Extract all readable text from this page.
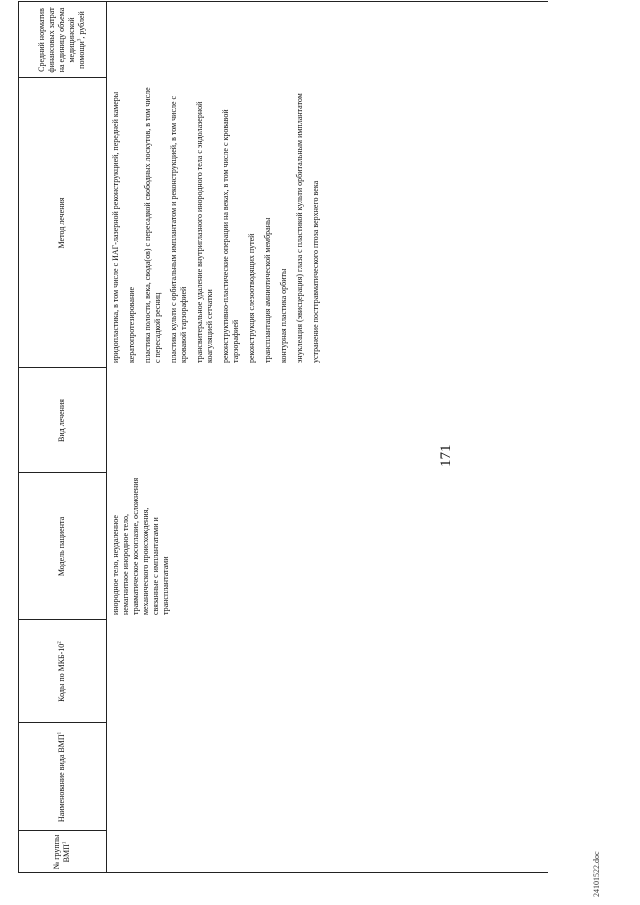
№ группы ВМП$^1$
Наименование вида ВМП$^1$
Коды по МКБ-$10^2$
Модель пациента
Вид лечения
Метод лечения
Средний норматив финансовых затрат на единицу объема медицинской помощи$^3$, рублей
инородное тело, неудаленное немагнитное инородное тело, травматическое косоглазие, осложнения механического происхождения, связанные с имплантатами и трансплантатами

иридопластика, в том числе с ИАГ-лазерной реконструкцией, передней камеры кератопротезирование пластика полости, века, свода(ов) с пересадкой свободных лоскутов, в том числе с пересадкой ресниц пластика культи с орбитальным имплантатом и реконструкцией, в том числе с кровавой тарзорафией трансвитеральное удаление внутриглазного инородного тела с эндолазерной коагуляцией сетчатки реконструктивно-пластические операции на веках, в том числе с кровавой тарзорафией реконструкция слезоотводящих путей трансплантация амниотической мембраны контурная пластика орбиты энуклеация (эвисцерация) глаза с пластикой культи орбитальным имплантатом устранение посттравматического птоза верхнего века

171
24101522.doc
